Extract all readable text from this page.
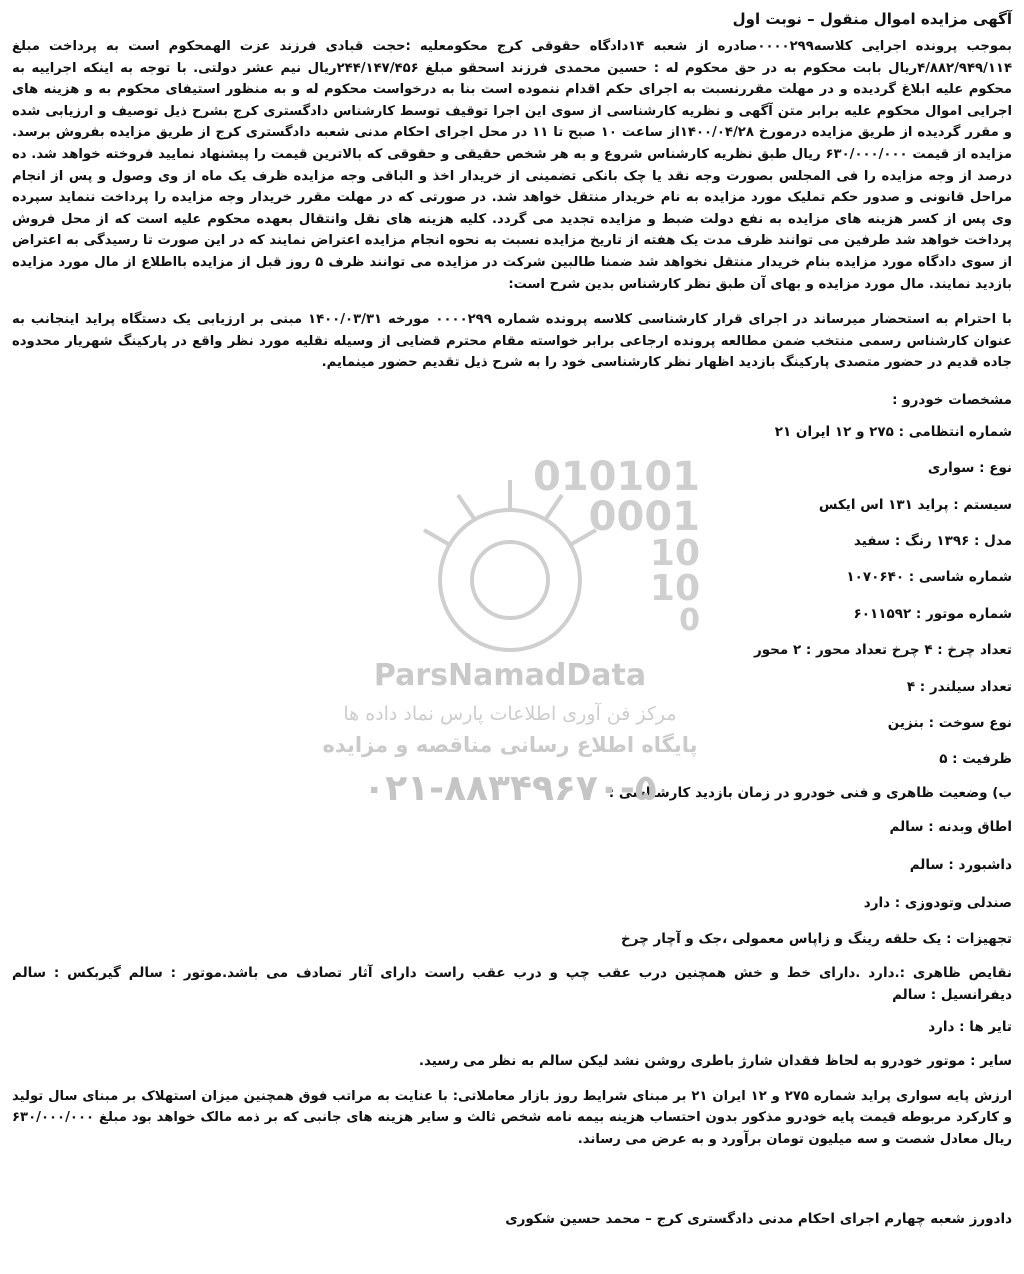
آگهی مزایده اموال منقول – نوبت اول

بموجب پرونده اجرایی کلاسه۰۰۰۰۲۹۹صادره از شعبه ۱۴دادگاه حقوقی کرج محکومعلیه :حجت قبادی فرزند عزت الهمحکوم است به پرداخت مبلغ ۴/۸۸۲/۹۴۹/۱۱۴ریال بابت محکوم به در حق محکوم له : حسین محمدی فرزند اسحقو مبلغ ۲۴۴/۱۴۷/۴۵۶ریال نیم عشر دولتی. با توجه به اینکه اجراییه به محکوم علیه ابلاغ گردیده و در مهلت مقررنسبت به اجرای حکم اقدام ننموده است بنا به درخواست محکوم له و به منظور استیفای محکوم به و هزینه های اجرایی اموال محکوم علیه برابر متن آگهی و نظریه کارشناسی از سوی این اجرا توقیف توسط کارشناس دادگستری کرج بشرح ذیل توصیف و ارزیابی شده و مقرر گردیده از طریق مزایده درمورخ ۱۴۰۰/۰۴/۲۸از ساعت ۱۰ صبح تا ۱۱ در محل اجرای احکام مدنی شعبه دادگستری کرج از طریق مزایده بفروش برسد. مزایده از قیمت ۶۳۰/۰۰۰/۰۰۰ ریال طبق نظریه کارشناس شروع و به هر شخص حقیقی و حقوقی که بالاترین قیمت را پیشنهاد نمایید فروخته خواهد شد. ده درصد از وجه مزایده را فی المجلس بصورت وجه نقد یا چک بانکی تضمینی از خریدار اخذ و الباقی وجه مزایده ظرف یک ماه از وی وصول و پس از انجام مراحل قانونی و صدور حکم تملیک مورد مزایده به نام خریدار منتقل خواهد شد. در صورتی که در مهلت مقرر خریدار وجه مزایده را پرداخت ننماید سپرده وی پس از کسر هزینه های مزایده به نفع دولت ضبط و مزایده تجدید می گردد. کلیه هزینه های نقل وانتقال بعهده محکوم علیه است که از محل فروش پرداخت خواهد شد طرفین می توانند ظرف مدت یک هفته از تاریخ مزایده نسبت به نحوه انجام مزایده اعتراض نمایند که در این صورت تا رسیدگی به اعتراض از سوی دادگاه مورد مزایده بنام خریدار منتقل نخواهد شد ضمنا طالبین شرکت در مزایده می توانند ظرف ۵ روز قبل از مزایده بااطلاع از مال مورد مزایده بازدید نمایند. مال مورد مزایده و بهای آن طبق نظر کارشناس بدین شرح است:

با احترام به استحضار میرساند در اجرای قرار کارشناسی کلاسه پرونده شماره ۰۰۰۰۲۹۹ مورخه ۱۴۰۰/۰۳/۳۱ مبنی بر ارزیابی یک دستگاه پراید اینجانب به عنوان کارشناس رسمی منتخب ضمن مطالعه پرونده ارجاعی برابر خواسته مقام محترم قضایی از وسیله نقلیه مورد نظر واقع در پارکینگ شهریار محدوده جاده قدیم در حضور متصدی پارکینگ بازدید اظهار نظر کارشناسی خود را به شرح ذیل تقدیم حضور مینمایم.

مشخصات خودرو :
شماره انتظامی : ۲۷۵ و ۱۲ ایران ۲۱
نوع : سواری
سیستم : پراید ۱۳۱ اس ایکس
مدل : ۱۳۹۶ رنگ : سفید
شماره شاسی : ۱۰۷۰۶۴۰
شماره موتور : ۶۰۱۱۵۹۲
تعداد چرخ : ۴ چرخ تعداد محور : ۲ محور
تعداد سیلندر : ۴
نوع سوخت : بنزین
ظرفیت : ۵
ب) وضعیت ظاهری و فنی خودرو در زمان بازدید کارشناسی :
اطاق وبدنه : سالم
داشبورد : سالم
صندلی وتودوزی : دارد
تجهیزات : یک حلقه رینگ و زاپاس معمولی ،جک و آچار چرخ
نقایص ظاهری :.دارد .دارای خط و خش همچنین درب عقب چپ و درب عقب راست دارای آثار تصادف می باشد.موتور : سالم گیربکس : سالم دیفرانسیل : سالم
تایر ها : دارد
سایر : موتور خودرو به لحاظ فقدان شارژ باطری روشن نشد لیکن سالم به نظر می رسید.

ارزش پایه سواری پراید شماره ۲۷۵ و ۱۲ ایران ۲۱ بر مبنای شرایط روز بازار معاملاتی: با عنایت به مراتب فوق همچنین میزان استهلاک بر مبنای سال تولید و کارکرد مربوطه قیمت پایه خودرو مذکور بدون احتساب هزینه بیمه نامه شخص ثالث و سایر هزینه های جانبی که بر ذمه مالک خواهد بود مبلغ ۶۳۰/۰۰۰/۰۰۰ ریال معادل شصت و سه میلیون تومان برآورد و به عرض می رساند.

دادورز شعبه چهارم اجرای احکام مدنی دادگستری کرج – محمد حسین شکوری
010101
0001
10
10
0
ParsNamadData
مرکز فن آوری اطلاعات پارس نماد داده ها
پایگاه اطلاع رسانی مناقصه و مزایده
۰۲۱-۸۸۳۴۹۶۷۰-۵
